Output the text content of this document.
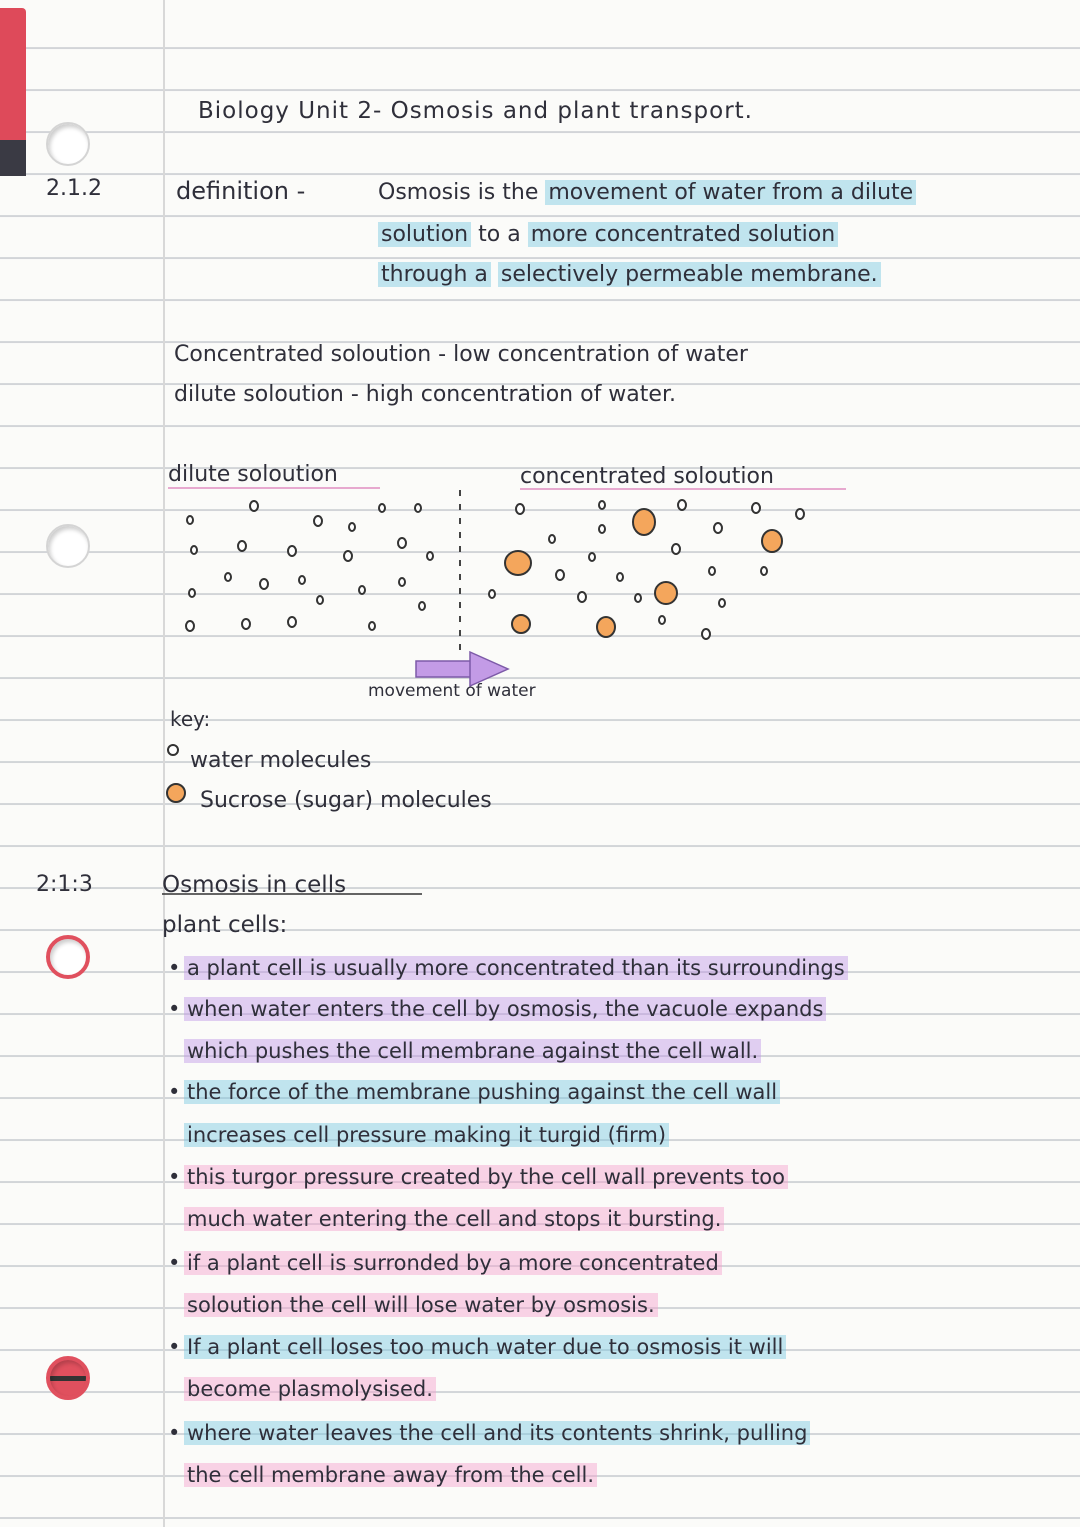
Biology Unit 2- Osmosis and plant transport.
2.1.2	definition -	Osmosis is the movement of water from a dilute
solution to a more concentrated solution
through a selectively permeable membrane.
Concentrated soloution - low concentration of water
dilute soloution - high concentration of water.
dilute soloution	concentrated soloution
movement of water
key:
water molecules
Sucrose (sugar) molecules
2:1:3	Osmosis in cells
plant cells:
• a plant cell is usually more concentrated than its surroundings
• when water enters the cell by osmosis, the vacuole expands
which pushes the cell membrane against the cell wall.
• the force of the membrane pushing against the cell wall
increases cell pressure making it turgid (firm)
• this turgor pressure created by the cell wall prevents too
much water entering the cell and stops it bursting.
• if a plant cell is surronded by a more concentrated
soloution the cell will lose water by osmosis.
• If a plant cell loses too much water due to osmosis it will
become plasmolysised.
• where water leaves the cell and its contents shrink, pulling
the cell membrane away from the cell.
